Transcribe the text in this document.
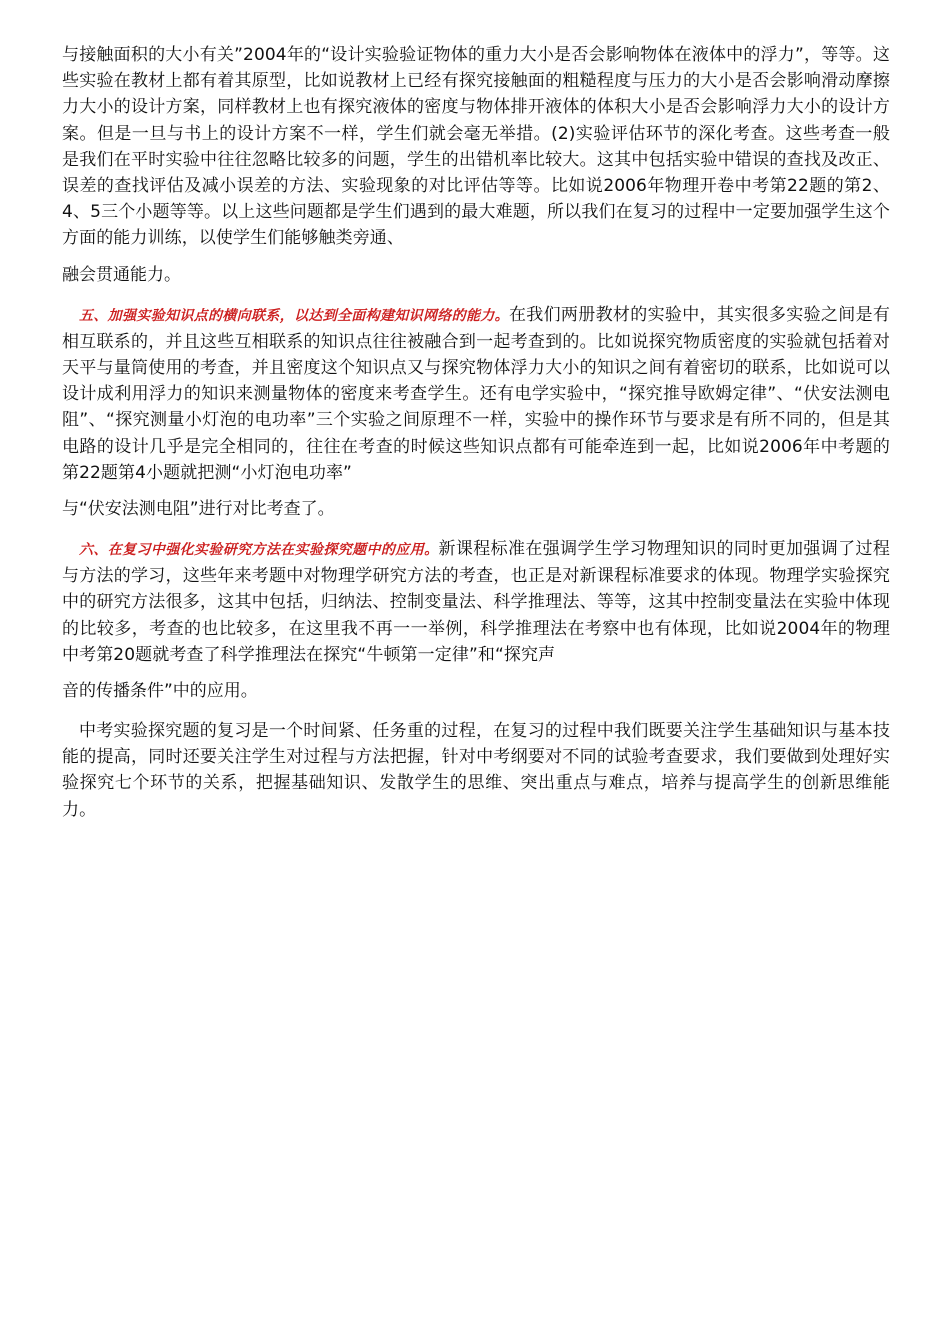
与接触面积的大小有关”2004年的“设计实验验证物体的重力大小是否会影响物体在液体中的浮力”，等等。这些实验在教材上都有着其原型，比如说教材上已经有探究接触面的粗糙程度与压力的大小是否会影响滑动摩擦力大小的设计方案，同样教材上也有探究液体的密度与物体排开液体的体积大小是否会影响浮力大小的设计方案。但是一旦与书上的设计方案不一样，学生们就会毫无举措。(2)实验评估环节的深化考查。这些考查一般是我们在平时实验中往往忽略比较多的问题，学生的出错机率比较大。这其中包括实验中错误的查找及改正、误差的查找评估及减小误差的方法、实验现象的对比评估等等。比如说2006年物理开卷中考第22题的第2、4、5三个小题等等。以上这些问题都是学生们遇到的最大难题，所以我们在复习的过程中一定要加强学生这个方面的能力训练，以使学生们能够触类旁通、

融会贯通能力。

五、加强实验知识点的横向联系，以达到全面构建知识网络的能力。在我们两册教材的实验中，其实很多实验之间是有相互联系的，并且这些互相联系的知识点往往被融合到一起考查到的。比如说探究物质密度的实验就包括着对天平与量筒使用的考查，并且密度这个知识点又与探究物体浮力大小的知识之间有着密切的联系，比如说可以设计成利用浮力的知识来测量物体的密度来考查学生。还有电学实验中，“探究推导欧姆定律”、“伏安法测电阻”、“探究测量小灯泡的电功率”三个实验之间原理不一样，实验中的操作环节与要求是有所不同的，但是其电路的设计几乎是完全相同的，往往在考查的时候这些知识点都有可能牵连到一起，比如说2006年中考题的第22题第4小题就把测“小灯泡电功率”

与“伏安法测电阻”进行对比考查了。

六、在复习中强化实验研究方法在实验探究题中的应用。新课程标准在强调学生学习物理知识的同时更加强调了过程与方法的学习，这些年来考题中对物理学研究方法的考查，也正是对新课程标准要求的体现。物理学实验探究中的研究方法很多，这其中包括，归纳法、控制变量法、科学推理法、等等，这其中控制变量法在实验中体现的比较多，考查的也比较多，在这里我不再一一举例，科学推理法在考察中也有体现，比如说2004年的物理中考第20题就考查了科学推理法在探究“牛顿第一定律”和“探究声

音的传播条件”中的应用。

中考实验探究题的复习是一个时间紧、任务重的过程，在复习的过程中我们既要关注学生基础知识与基本技能的提高，同时还要关注学生对过程与方法把握，针对中考纲要对不同的试验考查要求，我们要做到处理好实验探究七个环节的关系，把握基础知识、发散学生的思维、突出重点与难点，培养与提高学生的创新思维能力。
